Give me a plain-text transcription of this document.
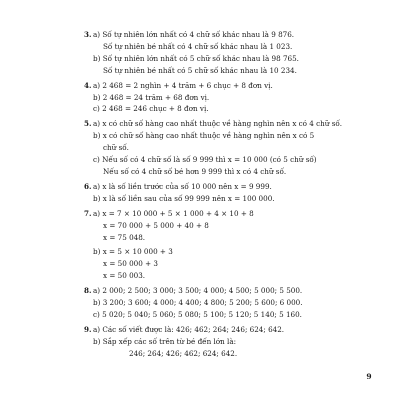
3.a) Số tự nhiên lớn nhất có 4 chữ số khác nhau là 9 876.
Số tự nhiên bé nhất có 4 chữ số khác nhau là 1 023.
b) Số tự nhiên lớn nhất có 5 chữ số khác nhau là 98 765.
Số tự nhiên bé nhất có 5 chữ số khác nhau là 10 234.
4.a) 2 468 = 2 nghìn + 4 trăm + 6 chục + 8 đơn vị.
b) 2 468 = 24 trăm + 68 đơn vị.
c) 2 468 = 246 chục + 8 đơn vị.
5.a) x có chữ số hàng cao nhất thuộc về hàng nghìn nên x có 4 chữ số.
b) x có chữ số hàng cao nhất thuộc về hàng nghìn nên x có 5
chữ số.
c) Nếu số có 4 chữ số là số 9 999 thì x = 10 000 (có 5 chữ số)
Nếu số có 4 chữ số bé hơn 9 999 thì x có 4 chữ số.
6.a) x là số liền trước của số 10 000 nên x = 9 999.
b) x là số liền sau của số 99 999 nên x = 100 000.
7.a) x = 7 × 10 000 + 5 × 1 000 + 4 × 10 + 8
x = 70 000 + 5 000 + 40 + 8
x = 75 048.
b) x = 5 × 10 000 + 3
x = 50 000 + 3
x = 50 003.
8.a) 2 000; 2 500; 3 000; 3 500; 4 000; 4 500; 5 000; 5 500.
b) 3 200; 3 600; 4 000; 4 400; 4 800; 5 200; 5 600; 6 000.
c) 5 020; 5 040; 5 060; 5 080; 5 100; 5 120; 5 140; 5 160.
9.a) Các số viết được là: 426; 462; 264; 246; 624; 642.
b) Sắp xếp các số trên từ bé đến lớn là:
246; 264; 426; 462; 624; 642.
9
